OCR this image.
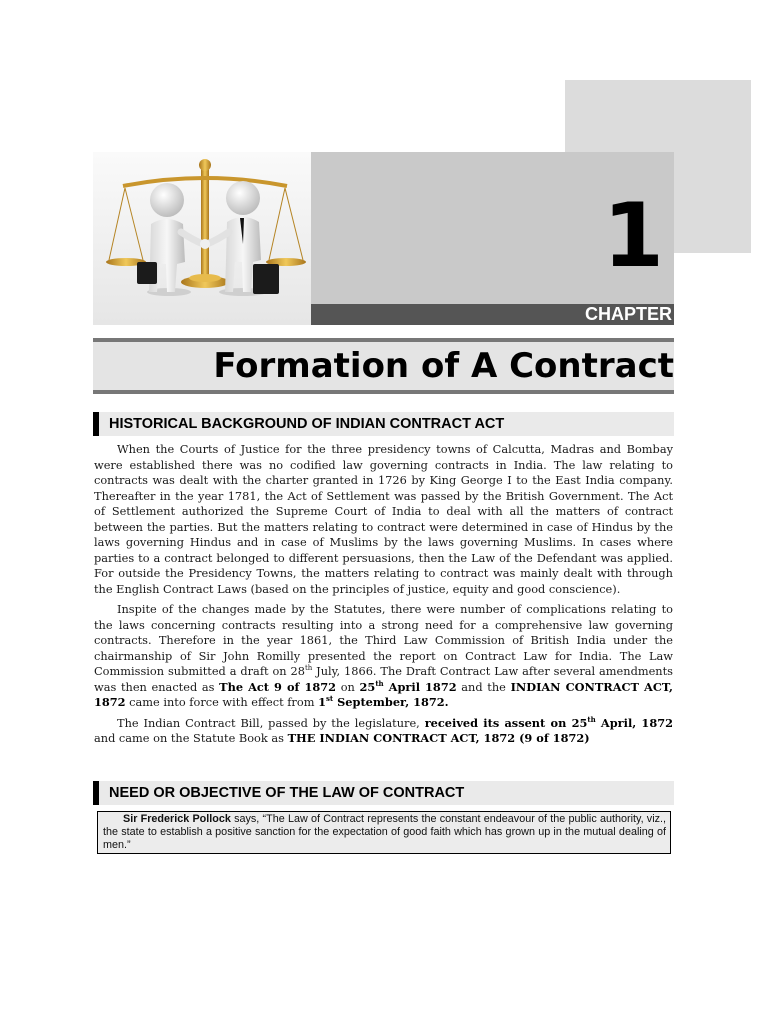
1
CHAPTER
Formation of A Contract
HISTORICAL BACKGROUND OF INDIAN CONTRACT ACT

When the Courts of Justice for the three presidency towns of Calcutta, Madras and Bombay were established there was no codified law governing contracts in India. The law relating to contracts was dealt with the charter granted in 1726 by King George I to the East India company. Thereafter in the year 1781, the Act of Settlement was passed by the British Government. The Act of Settlement authorized the Supreme Court of India to deal with all the matters of contract between the parties. But the matters relating to contract were determined in case of Hindus by the laws governing Hindus and in case of Muslims by the laws governing Muslims. In cases where parties to a contract belonged to different persuasions, then the Law of the Defendant was applied. For outside the Presidency Towns, the matters relating to contract was mainly dealt with through the English Contract Laws (based on the principles of justice, equity and good conscience).

Inspite of the changes made by the Statutes, there were number of complications relating to the laws concerning contracts resulting into a strong need for a comprehensive law governing contracts. Therefore in the year 1861, the Third Law Commission of British India under the chairmanship of Sir John Romilly presented the report on Contract Law for India. The Law Commission submitted a draft on 28th July, 1866. The Draft Contract Law after several amendments was then enacted as The Act 9 of 1872 on 25th April 1872 and the INDIAN CONTRACT ACT, 1872 came into force with effect from 1st September, 1872.

The Indian Contract Bill, passed by the legislature, received its assent on 25th April, 1872 and came on the Statute Book as THE INDIAN CONTRACT ACT, 1872 (9 of 1872)

NEED OR OBJECTIVE OF THE LAW OF CONTRACT
Sir Frederick Pollock says, “The Law of Contract represents the constant endeavour of the public authority, viz., the state to establish a positive sanction for the expectation of good faith which has grown up in the mutual dealing of men.”
